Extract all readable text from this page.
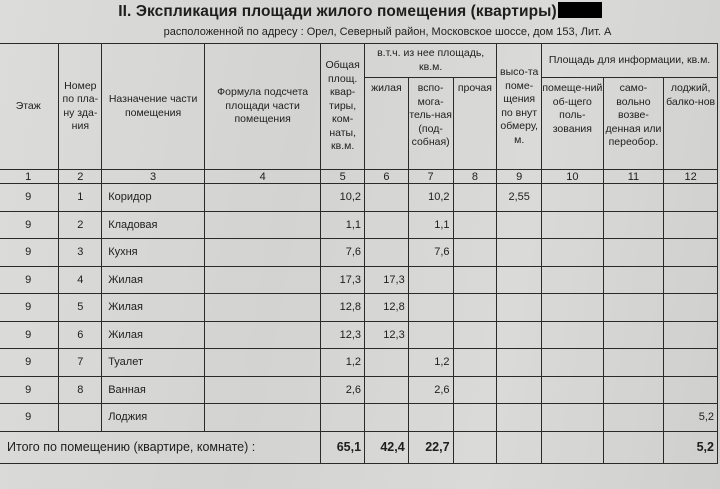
II. Экспликация площади жилого помещения (квартиры)
расположенной по адресу : Орел, Северный район, Московское шоссе, дом 153, Лит. А
Этаж	Номер по пла-ну зда-ния	Назначение части помещения	Формула подсчета площади части помещения	Общая площ. квар-тиры, ком-наты, кв.м.	в.т.ч. из нее площадь, кв.м.			высо-та поме-щения по внут обмеру, м.	Площадь для информации, кв.м.		
					жилая	вспо-мога-тель-ная (под-собная)	прочая		помеще-ний об-щего поль-зования	само-вольно возве-денная или переобор.	лоджий, балко-нов
1	2	3	4	5	6	7	8	9	10	11	12
9	1	Коридор		10,2		10,2		2,55			
9	2	Кладовая		1,1		1,1					
9	3	Кухня		7,6		7,6					
9	4	Жилая		17,3	17,3						
9	5	Жилая		12,8	12,8						
9	6	Жилая		12,3	12,3						
9	7	Туалет		1,2		1,2					
9	8	Ванная		2,6		2,6					
9		Лоджия									5,2
Итого по помещению (квартире, комнате) :				65,1	42,4	22,7					5,2
